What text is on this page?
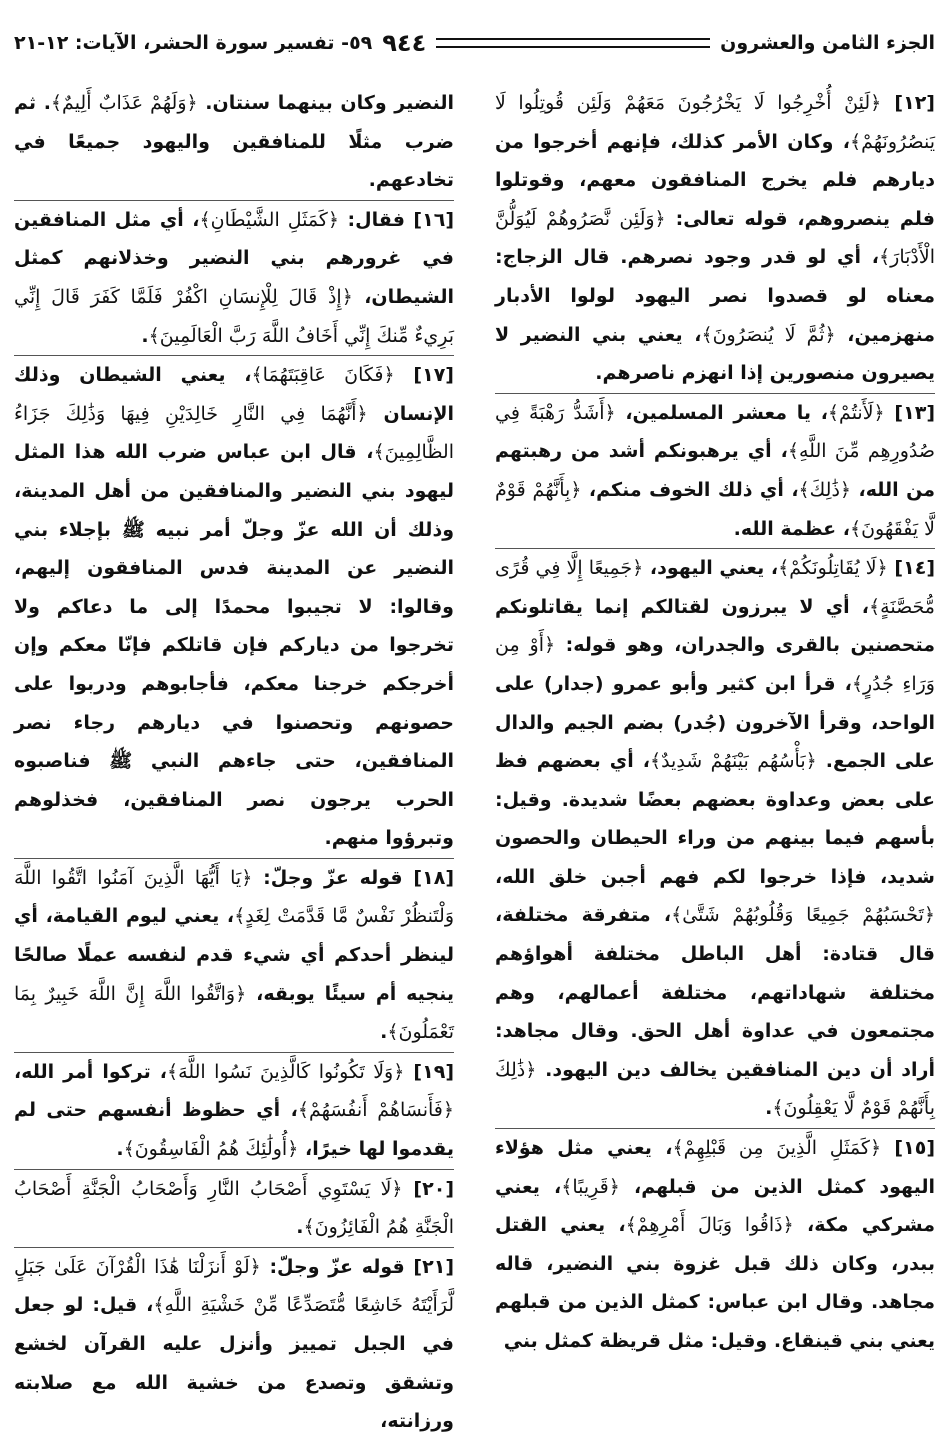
الجزء الثامن والعشرون
٩٤٤
٥٩- تفسير سورة الحشر، الآيات: ١٢-٢١

[١٢] ﴿لَئِنْ أُخْرِجُوا لَا يَخْرُجُونَ مَعَهُمْ وَلَئِن قُوتِلُوا لَا يَنصُرُونَهُمْ﴾، وكان الأمر كذلك، فإنهم أخرجوا من ديارهم فلم يخرج المنافقون معهم، وقوتلوا فلم ينصروهم، قوله تعالى: ﴿وَلَئِن نَّصَرُوهُمْ لَيُوَلُّنَّ الْأَدْبَارَ﴾، أي لو قدر وجود نصرهم. قال الزجاج: معناه لو قصدوا نصر اليهود لولوا الأدبار منهزمين، ﴿ثُمَّ لَا يُنصَرُونَ﴾، يعني بني النضير لا يصيرون منصورين إذا انهزم ناصرهم.

[١٣] ﴿لَأَنتُمْ﴾، يا معشر المسلمين، ﴿أَشَدُّ رَهْبَةً فِي صُدُورِهِم مِّنَ اللَّهِ﴾، أي يرهبونكم أشد من رهبتهم من الله، ﴿ذَٰلِكَ﴾، أي ذلك الخوف منكم، ﴿بِأَنَّهُمْ قَوْمٌ لَّا يَفْقَهُونَ﴾، عظمة الله.

[١٤] ﴿لَا يُقَاتِلُونَكُمْ﴾، يعني اليهود، ﴿جَمِيعًا إِلَّا فِي قُرًى مُّحَصَّنَةٍ﴾، أي لا يبرزون لقتالكم إنما يقاتلونكم متحصنين بالقرى والجدران، وهو قوله: ﴿أَوْ مِن وَرَاءِ جُدُرٍ﴾، قرأ ابن كثير وأبو عمرو (جدار) على الواحد، وقرأ الآخرون (جُدر) بضم الجيم والدال على الجمع. ﴿بَأْسُهُم بَيْنَهُمْ شَدِيدٌ﴾، أي بعضهم فظ على بعض وعداوة بعضهم بعضًا شديدة. وقيل: بأسهم فيما بينهم من وراء الحيطان والحصون شديد، فإذا خرجوا لكم فهم أجبن خلق الله، ﴿تَحْسَبُهُمْ جَمِيعًا وَقُلُوبُهُمْ شَتَّىٰ﴾، متفرقة مختلفة، قال قتادة: أهل الباطل مختلفة أهواؤهم مختلفة شهاداتهم، مختلفة أعمالهم، وهم مجتمعون في عداوة أهل الحق. وقال مجاهد: أراد أن دين المنافقين يخالف دين اليهود. ﴿ذَٰلِكَ بِأَنَّهُمْ قَوْمٌ لَّا يَعْقِلُونَ﴾.

[١٥] ﴿كَمَثَلِ الَّذِينَ مِن قَبْلِهِمْ﴾، يعني مثل هؤلاء اليهود كمثل الذين من قبلهم، ﴿قَرِيبًا﴾، يعني مشركي مكة، ﴿ذَاقُوا وَبَالَ أَمْرِهِمْ﴾، يعني القتل ببدر، وكان ذلك قبل غزوة بني النضير، قاله مجاهد. وقال ابن عباس: كمثل الذين من قبلهم يعني بني قينقاع. وقيل: مثل قريظة كمثل بني

النضير وكان بينهما سنتان. ﴿وَلَهُمْ عَذَابٌ أَلِيمٌ﴾. ثم ضرب مثلًا للمنافقين واليهود جميعًا في تخادعهم.

[١٦] فقال: ﴿كَمَثَلِ الشَّيْطَانِ﴾، أي مثل المنافقين في غرورهم بني النضير وخذلانهم كمثل الشيطان، ﴿إِذْ قَالَ لِلْإِنسَانِ اكْفُرْ فَلَمَّا كَفَرَ قَالَ إِنِّي بَرِيءٌ مِّنكَ إِنِّي أَخَافُ اللَّهَ رَبَّ الْعَالَمِينَ﴾.

[١٧] ﴿فَكَانَ عَاقِبَتَهُمَا﴾، يعني الشيطان وذلك الإنسان ﴿أَنَّهُمَا فِي النَّارِ خَالِدَيْنِ فِيهَا وَذَٰلِكَ جَزَاءُ الظَّالِمِينَ﴾، قال ابن عباس ضرب الله هذا المثل ليهود بني النضير والمنافقين من أهل المدينة، وذلك أن الله عزّ وجلّ أمر نبيه ﷺ بإجلاء بني النضير عن المدينة فدس المنافقون إليهم، وقالوا: لا تجيبوا محمدًا إلى ما دعاكم ولا تخرجوا من دياركم فإن قاتلكم فإنّا معكم وإن أخرجكم خرجنا معكم، فأجابوهم ودربوا على حصونهم وتحصنوا في ديارهم رجاء نصر المنافقين، حتى جاءهم النبي ﷺ فناصبوه الحرب يرجون نصر المنافقين، فخذلوهم وتبرؤوا منهم.

[١٨] قوله عزّ وجلّ: ﴿يَا أَيُّهَا الَّذِينَ آمَنُوا اتَّقُوا اللَّهَ وَلْتَنظُرْ نَفْسٌ مَّا قَدَّمَتْ لِغَدٍ﴾، يعني ليوم القيامة، أي لينظر أحدكم أي شيء قدم لنفسه عملًا صالحًا ينجيه أم سيئًا يوبقه، ﴿وَاتَّقُوا اللَّهَ إِنَّ اللَّهَ خَبِيرٌ بِمَا تَعْمَلُونَ﴾.

[١٩] ﴿وَلَا تَكُونُوا كَالَّذِينَ نَسُوا اللَّهَ﴾، تركوا أمر الله، ﴿فَأَنسَاهُمْ أَنفُسَهُمْ﴾، أي حظوظ أنفسهم حتى لم يقدموا لها خيرًا، ﴿أُولَٰئِكَ هُمُ الْفَاسِقُونَ﴾.

[٢٠] ﴿لَا يَسْتَوِي أَصْحَابُ النَّارِ وَأَصْحَابُ الْجَنَّةِ أَصْحَابُ الْجَنَّةِ هُمُ الْفَائِزُونَ﴾.

[٢١] قوله عزّ وجلّ: ﴿لَوْ أَنزَلْنَا هَٰذَا الْقُرْآنَ عَلَىٰ جَبَلٍ لَّرَأَيْتَهُ خَاشِعًا مُّتَصَدِّعًا مِّنْ خَشْيَةِ اللَّهِ﴾، قيل: لو جعل في الجبل تمييز وأنزل عليه القرآن لخشع وتشقق وتصدع من خشية الله مع صلابته ورزانته،
